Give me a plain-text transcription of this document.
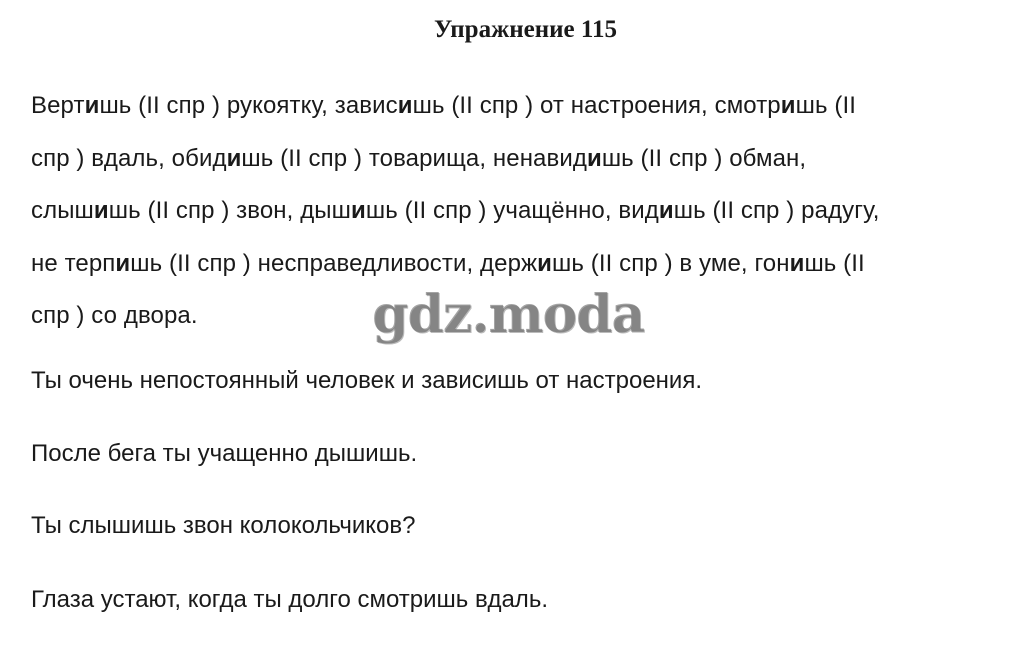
Упражнение 115
Вертишь (II спр ) рукоятку, зависишь (II спр ) от настроения, смотришь (II
спр ) вдаль, обидишь (II спр ) товарища, ненавидишь (II спр ) обман,
слышишь (II спр ) звон, дышишь (II спр ) учащённо, видишь (II спр ) радугу,
не терпишь (II спр ) несправедливости, держишь (II спр ) в уме, гонишь (II
спр ) со двора.	gdz.moda
Ты очень непостоянный человек и зависишь от настроения.
После бега ты учащенно дышишь.
Ты слышишь звон колокольчиков?
Глаза устают, когда ты долго смотришь вдаль.
